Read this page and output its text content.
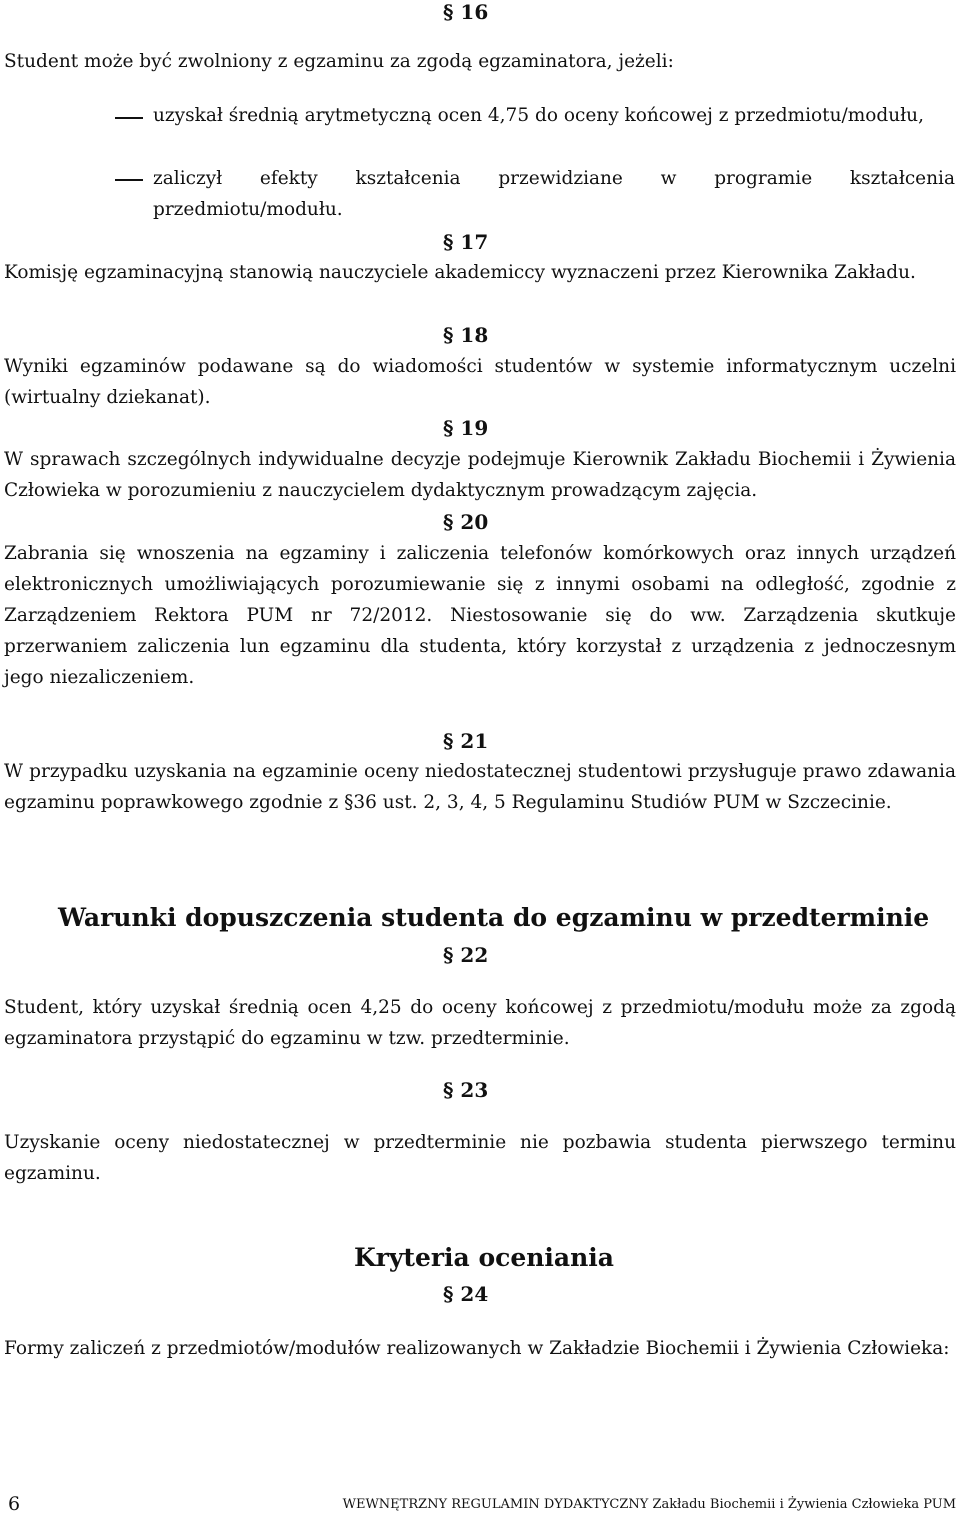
§ 16

Student może być zwolniony z egzaminu za zgodą egzaminatora, jeżeli:

uzyskał średnią arytmetyczną ocen 4,75 do oceny końcowej z przedmiotu/modułu,

zaliczył efekty kształcenia przewidziane w programie kształcenia przedmiotu/modułu.

§ 17

Komisję egzaminacyjną stanowią nauczyciele akademiccy wyznaczeni przez Kierownika Zakładu.

§ 18

Wyniki egzaminów podawane są do wiadomości studentów w systemie informatycznym uczelni (wirtualny dziekanat).

§ 19

W sprawach szczególnych indywidualne decyzje podejmuje Kierownik Zakładu Biochemii i Żywienia Człowieka w porozumieniu z nauczycielem dydaktycznym prowadzącym zajęcia.

§ 20

Zabrania się wnoszenia na egzaminy i zaliczenia telefonów komórkowych oraz innych urządzeń elektronicznych umożliwiających porozumiewanie się z innymi osobami na odległość, zgodnie z Zarządzeniem Rektora PUM nr 72/2012. Niestosowanie się do ww. Zarządzenia skutkuje przerwaniem zaliczenia lun egzaminu dla studenta, który korzystał z urządzenia z jednoczesnym jego niezaliczeniem.

§ 21

W przypadku uzyskania na egzaminie oceny niedostatecznej studentowi przysługuje prawo zdawania egzaminu poprawkowego zgodnie z §36 ust. 2, 3, 4, 5 Regulaminu Studiów PUM w Szczecinie.

Warunki dopuszczenia studenta do egzaminu w przedterminie
§ 22

Student, który uzyskał średnią ocen 4,25 do oceny końcowej z przedmiotu/modułu może za zgodą egzaminatora przystąpić do egzaminu w tzw. przedterminie.

§ 23

Uzyskanie oceny niedostatecznej w przedterminie nie pozbawia studenta pierwszego terminu egzaminu.

Kryteria oceniania
§ 24

Formy zaliczeń z przedmiotów/modułów realizowanych w Zakładzie Biochemii i Żywienia Człowieka:

6	WEWNĘTRZNY REGULAMIN DYDAKTYCZNY Zakładu Biochemii i Żywienia Człowieka PUM
